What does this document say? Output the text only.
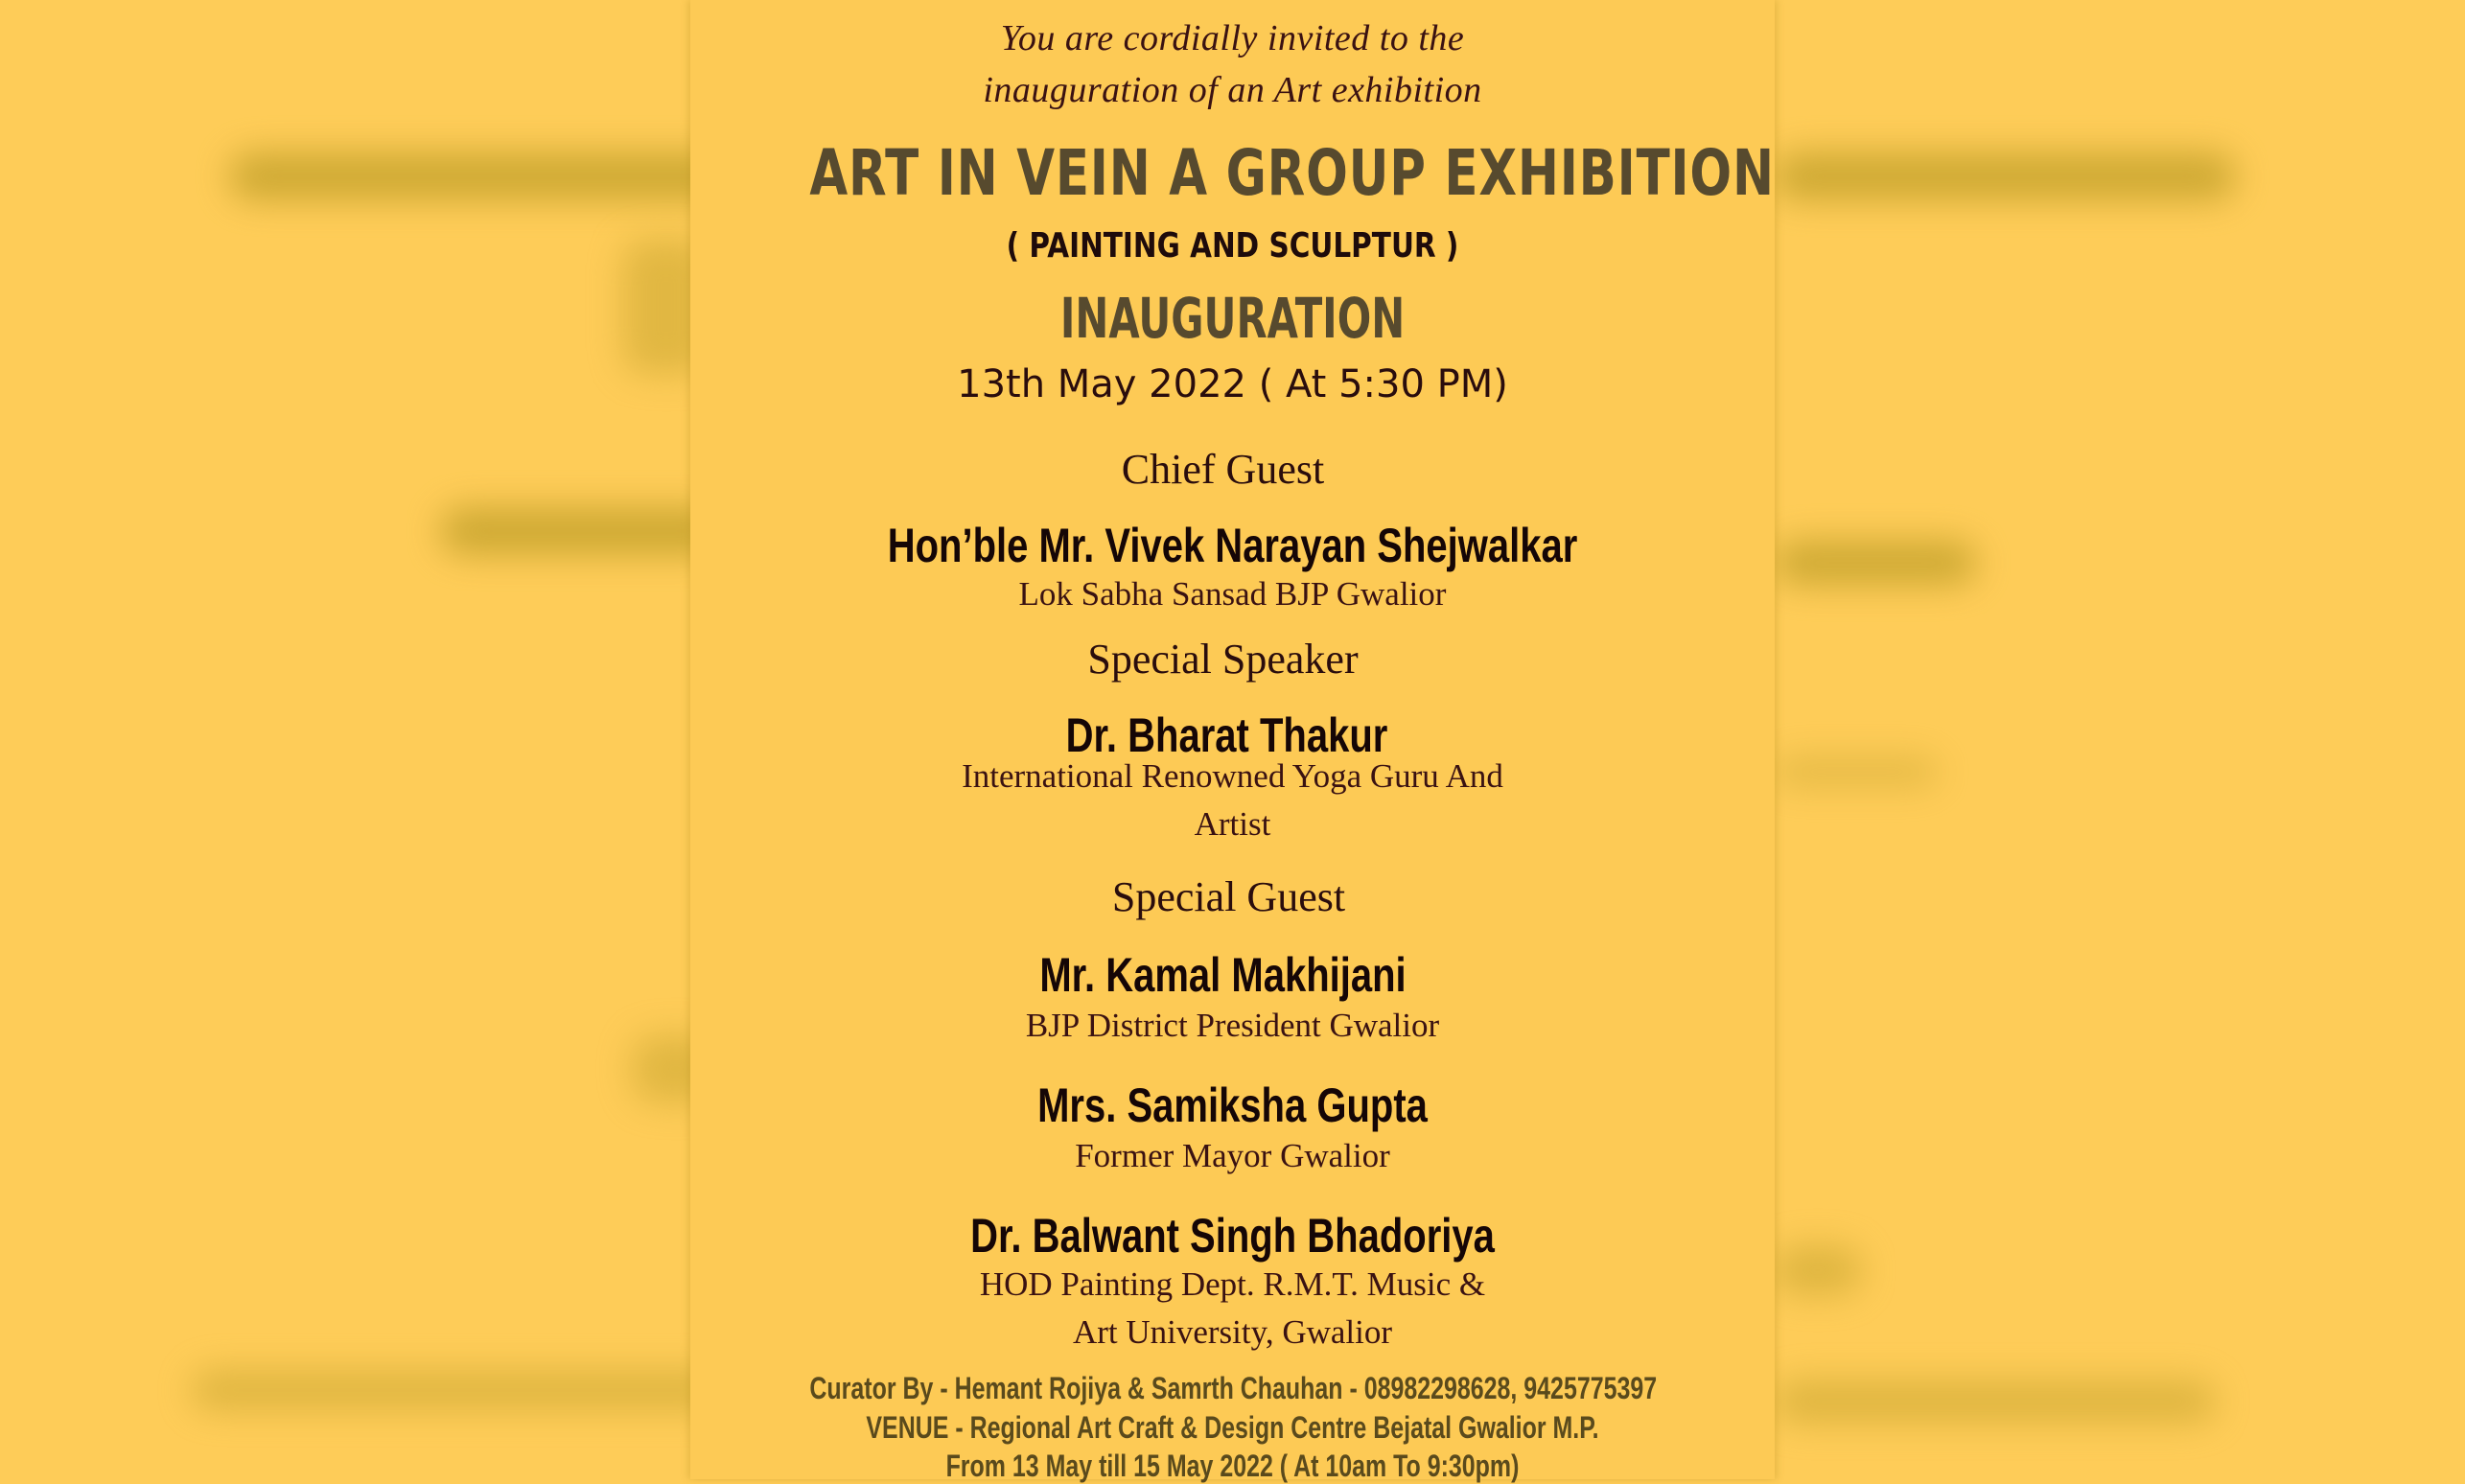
You are cordially invited to the
inauguration of an Art exhibition
ART IN VEIN A GROUP EXHIBITION
( PAINTING AND SCULPTUR )
INAUGURATION
13th May 2022 ( At 5:30 PM)
Chief Guest
Hon’ble Mr. Vivek Narayan Shejwalkar
Lok Sabha Sansad BJP Gwalior
Special Speaker
Dr. Bharat Thakur
International Renowned Yoga Guru And
Artist
Special Guest
Mr. Kamal Makhijani
BJP District President Gwalior
Mrs. Samiksha Gupta
Former Mayor Gwalior
Dr. Balwant Singh Bhadoriya
HOD Painting Dept. R.M.T. Music &
Art University, Gwalior
Curator By - Hemant Rojiya & Samrth Chauhan - 08982298628, 9425775397
VENUE - Regional Art Craft & Design Centre Bejatal Gwalior M.P.
From 13 May till 15 May 2022 ( At 10am To 9:30pm)
